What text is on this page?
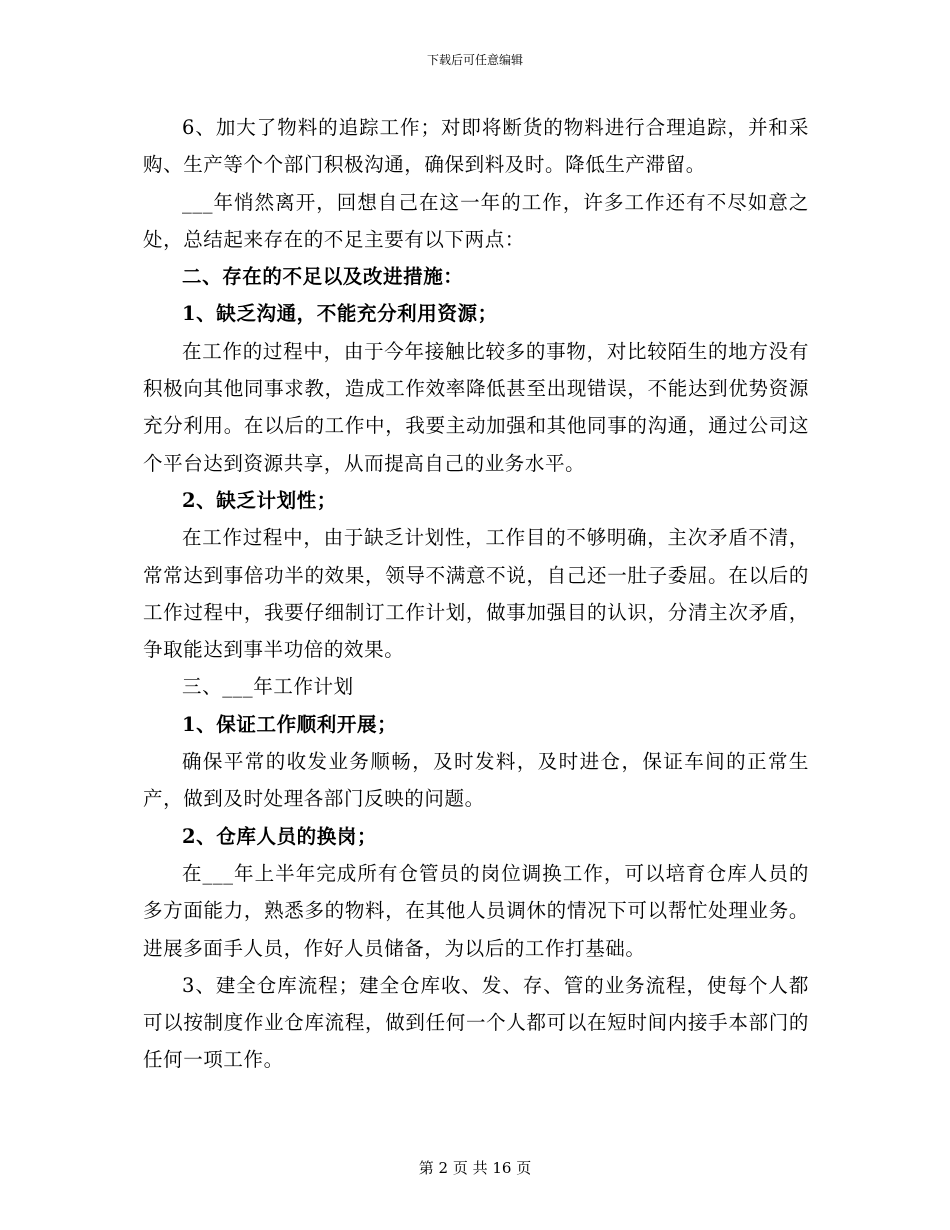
下载后可任意编辑

6、加大了物料的追踪工作；对即将断货的物料进行合理追踪，并和采购、生产等个个部门积极沟通，确保到料及时。降低生产滞留。

___年悄然离开，回想自己在这一年的工作，许多工作还有不尽如意之处，总结起来存在的不足主要有以下两点：

二、存在的不足以及改进措施：

1、缺乏沟通，不能充分利用资源；

在工作的过程中，由于今年接触比较多的事物，对比较陌生的地方没有积极向其他同事求教，造成工作效率降低甚至出现错误，不能达到优势资源充分利用。在以后的工作中，我要主动加强和其他同事的沟通，通过公司这个平台达到资源共享，从而提高自己的业务水平。

2、缺乏计划性；

在工作过程中，由于缺乏计划性，工作目的不够明确，主次矛盾不清，常常达到事倍功半的效果，领导不满意不说，自己还一肚子委屈。在以后的工作过程中，我要仔细制订工作计划，做事加强目的认识，分清主次矛盾，争取能达到事半功倍的效果。

三、___年工作计划

1、保证工作顺利开展；

确保平常的收发业务顺畅，及时发料，及时进仓，保证车间的正常生产，做到及时处理各部门反映的问题。

2、仓库人员的换岗；

在___年上半年完成所有仓管员的岗位调换工作，可以培育仓库人员的多方面能力，熟悉多的物料，在其他人员调休的情况下可以帮忙处理业务。进展多面手人员，作好人员储备，为以后的工作打基础。

3、建全仓库流程；建全仓库收、发、存、管的业务流程，使每个人都可以按制度作业仓库流程，做到任何一个人都可以在短时间内接手本部门的任何一项工作。

第 2 页 共 16 页
